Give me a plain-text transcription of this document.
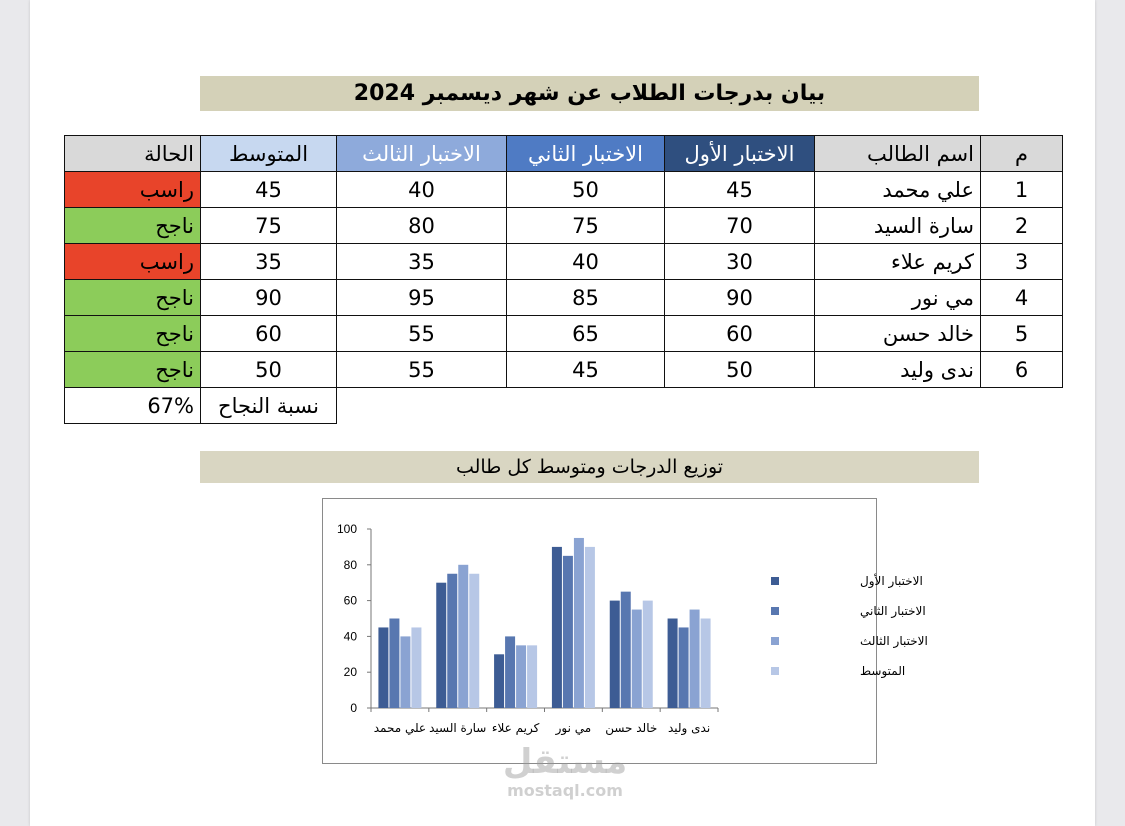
بيان بدرجات الطلاب عن شهر ديسمبر 2024
م	اسم الطالب	الاختبار الأول	الاختبار الثاني	الاختبار الثالث	المتوسط	الحالة
1	علي محمد	45	50	40	45	راسب
2	سارة السيد	70	75	80	75	ناجح
3	كريم علاء	30	40	35	35	راسب
4	مي نور	90	85	95	90	ناجح
5	خالد حسن	60	65	55	60	ناجح
6	ندى وليد	50	45	55	50	ناجح
					نسبة النجاح	67%
توزيع الدرجات ومتوسط كل طالب
0
20
40
60
80
100
علي محمد سارة السيد كريم علاء مي نور خالد حسن ندى وليد
الاختبار الأول
الاختبار الثاني
الاختبار الثالث
المتوسط
مستقل
mostaql.com
